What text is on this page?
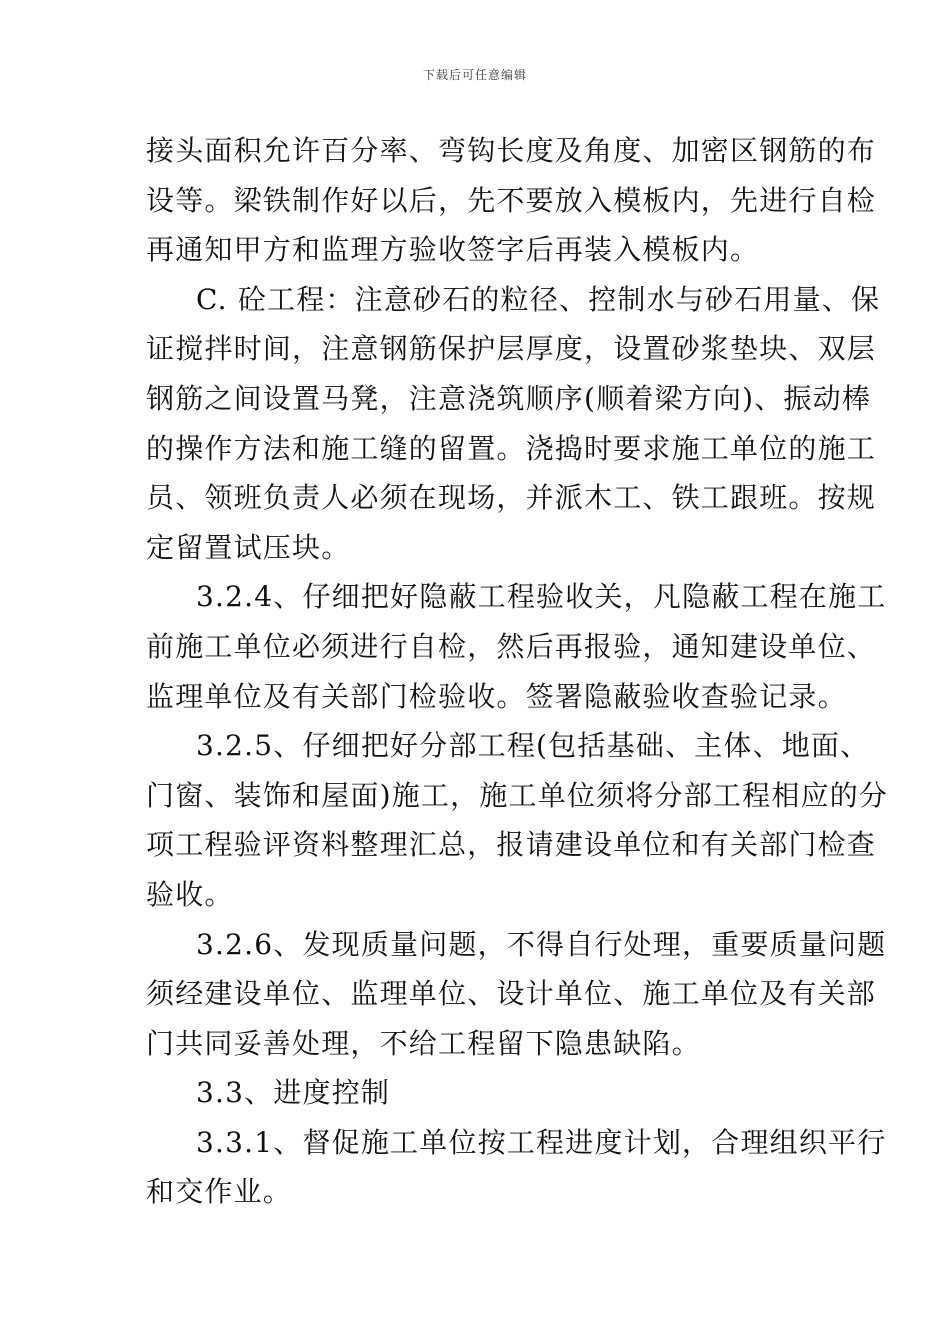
下载后可任意编辑
接头面积允许百分率、弯钩长度及角度、加密区钢筋的布
设等。梁铁制作好以后，先不要放入模板内，先进行自检
再通知甲方和监理方验收签字后再装入模板内。
C. 砼工程：注意砂石的粒径、控制水与砂石用量、保
证搅拌时间，注意钢筋保护层厚度，设置砂浆垫块、双层
钢筋之间设置马凳，注意浇筑顺序(顺着梁方向)、振动棒
的操作方法和施工缝的留置。浇捣时要求施工单位的施工
员、领班负责人必须在现场，并派木工、铁工跟班。按规
定留置试压块。
3.2.4、仔细把好隐蔽工程验收关，凡隐蔽工程在施工
前施工单位必须进行自检，然后再报验，通知建设单位、
监理单位及有关部门检验收。签署隐蔽验收查验记录。
3.2.5、仔细把好分部工程(包括基础、主体、地面、
门窗、装饰和屋面)施工，施工单位须将分部工程相应的分
项工程验评资料整理汇总，报请建设单位和有关部门检查
验收。
3.2.6、发现质量问题，不得自行处理，重要质量问题
须经建设单位、监理单位、设计单位、施工单位及有关部
门共同妥善处理，不给工程留下隐患缺陷。
3.3、进度控制
3.3.1、督促施工单位按工程进度计划，合理组织平行
和交作业。
